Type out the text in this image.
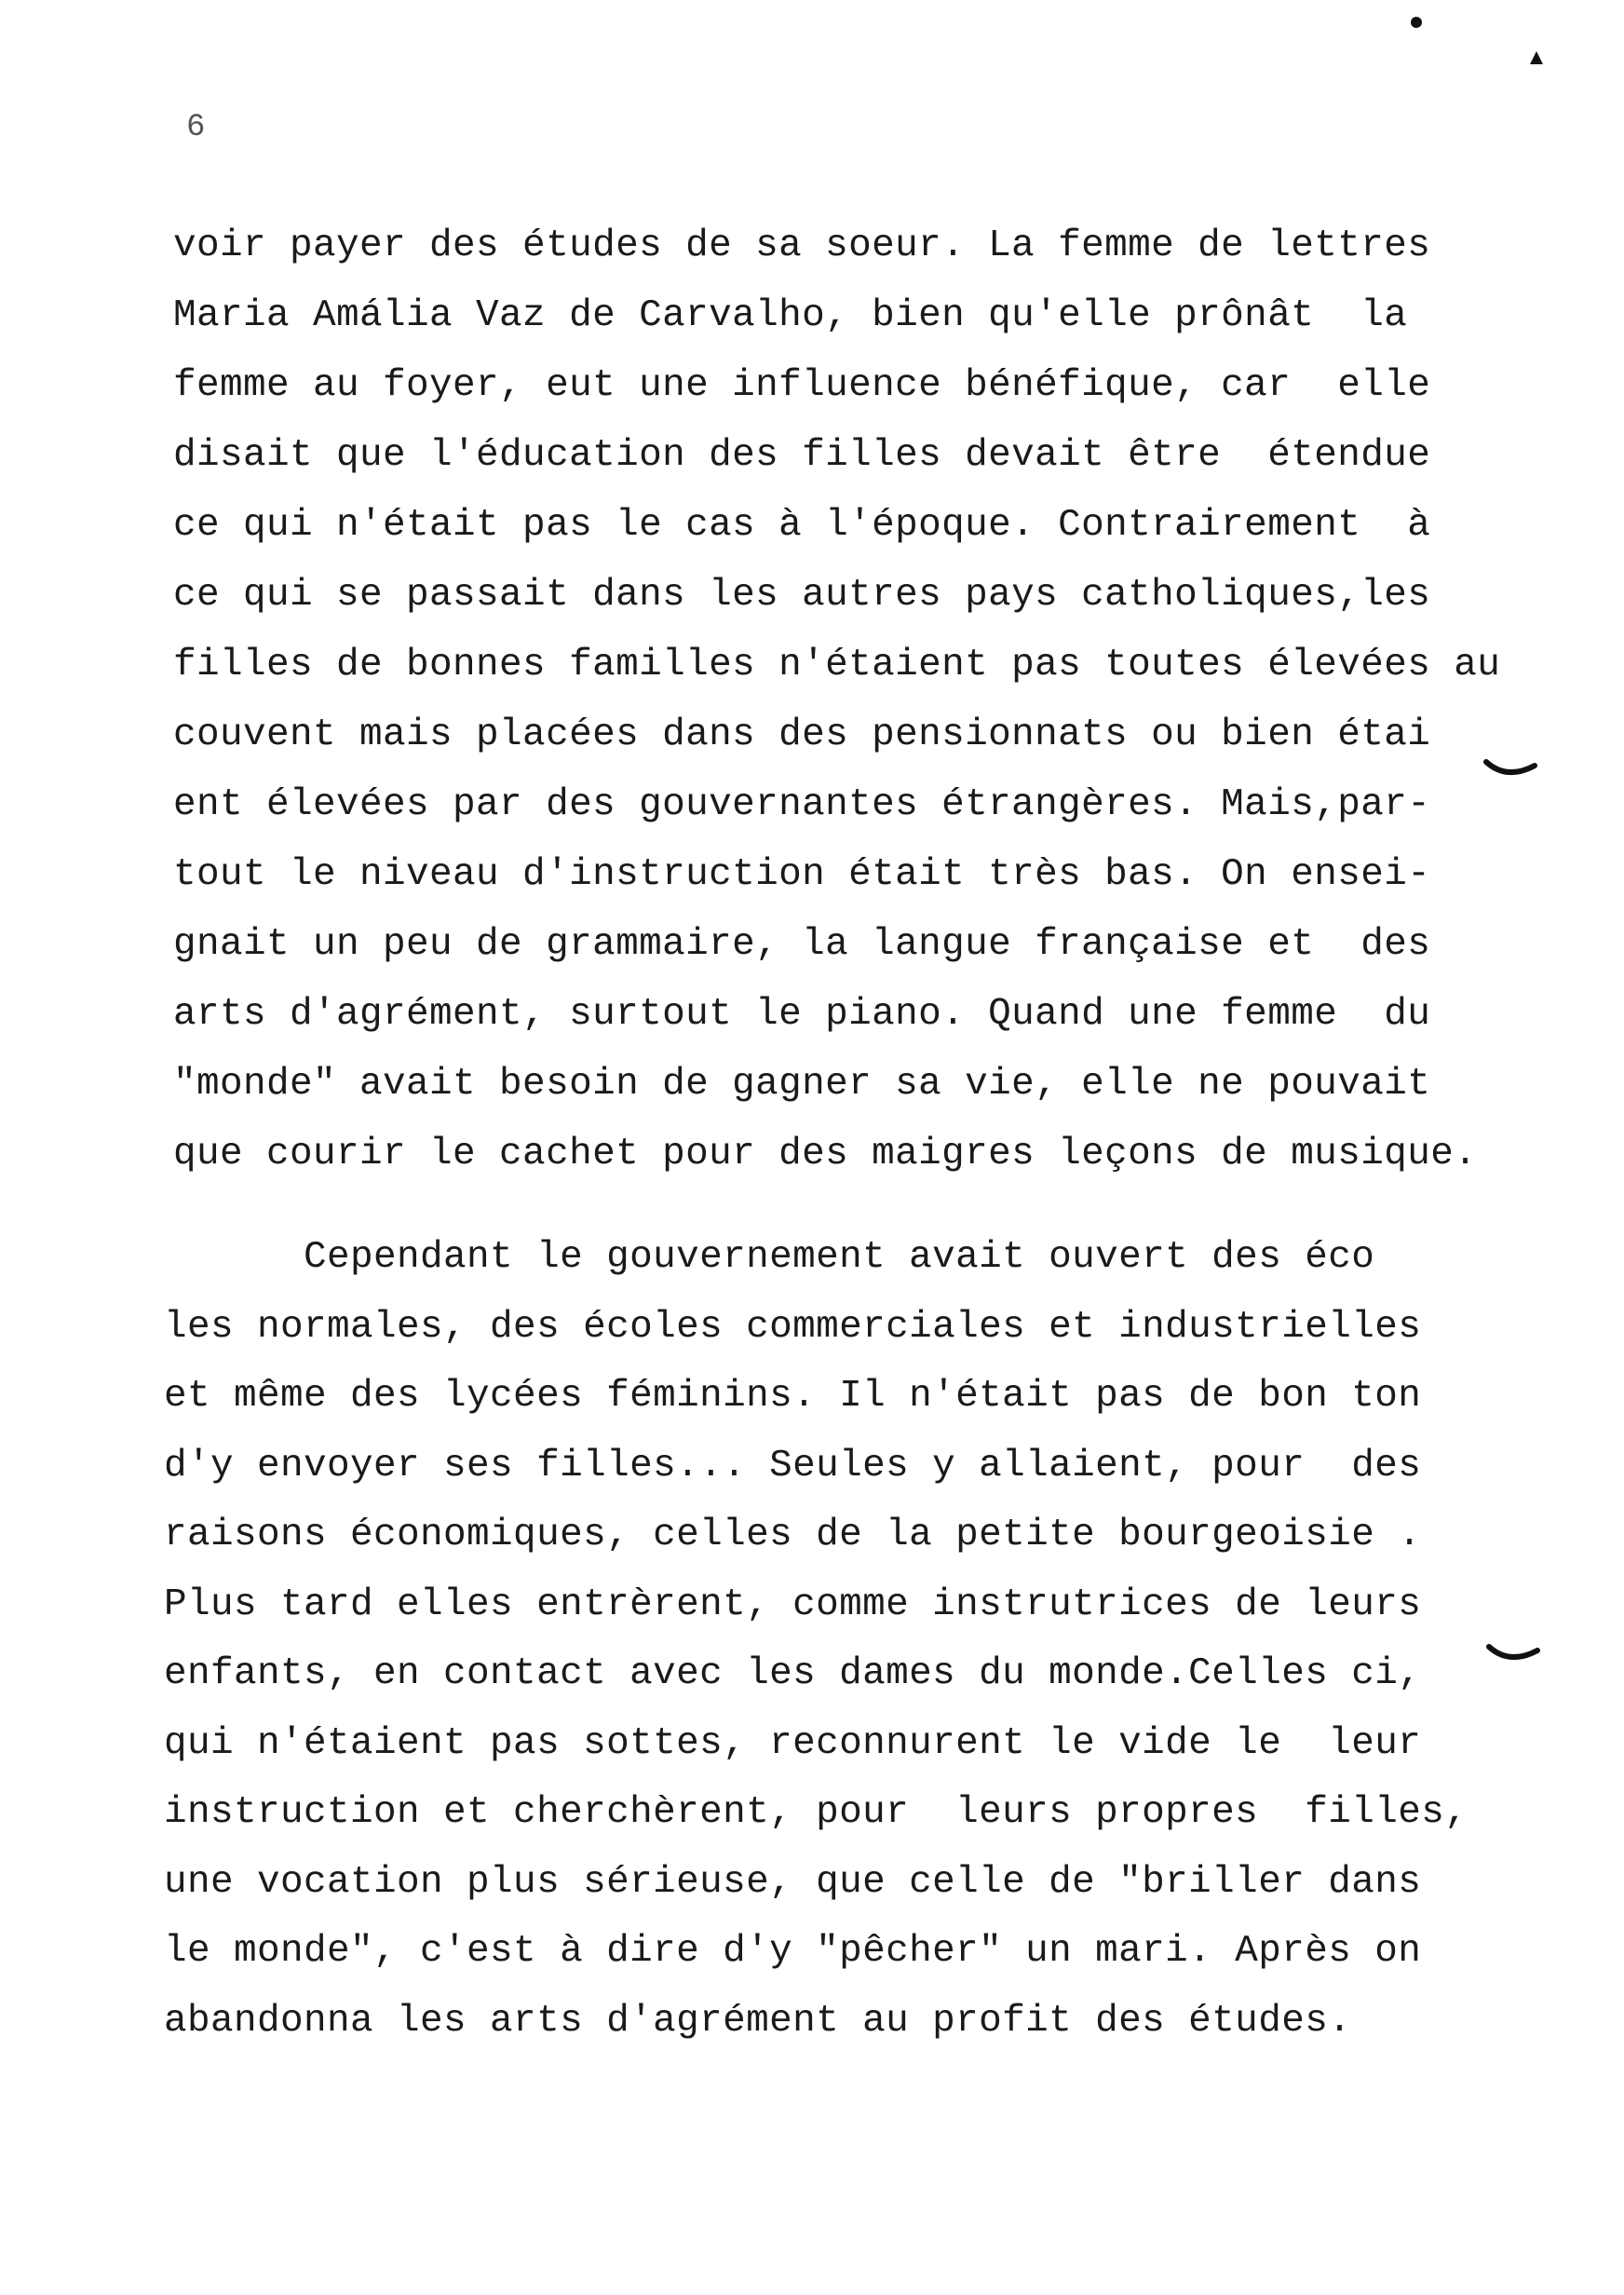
6
voir payer des études de sa soeur. La femme de lettres
Maria Amália Vaz de Carvalho, bien qu'elle prônât  la
femme au foyer, eut une influence bénéfique, car  elle
disait que l'éducation des filles devait être  étendue
ce qui n'était pas le cas à l'époque. Contrairement  à
ce qui se passait dans les autres pays catholiques,les
filles de bonnes familles n'étaient pas toutes élevées au
couvent mais placées dans des pensionnats ou bien étai
ent élevées par des gouvernantes étrangères. Mais,par-
tout le niveau d'instruction était très bas. On ensei-
gnait un peu de grammaire, la langue française et  des
arts d'agrément, surtout le piano. Quand une femme  du
"monde" avait besoin de gagner sa vie, elle ne pouvait
que courir le cachet pour des maigres leçons de musique.
Cependant le gouvernement avait ouvert des éco
les normales, des écoles commerciales et industrielles
et même des lycées féminins. Il n'était pas de bon ton
d'y envoyer ses filles... Seules y allaient, pour  des
raisons économiques, celles de la petite bourgeoisie .
Plus tard elles entrèrent, comme instrutrices de leurs
enfants, en contact avec les dames du monde.Celles ci,
qui n'étaient pas sottes, reconnurent le vide le  leur
instruction et cherchèrent, pour  leurs propres  filles,
une vocation plus sérieuse, que celle de "briller dans
le monde", c'est à dire d'y "pêcher" un mari. Après on
abandonna les arts d'agrément au profit des études.
